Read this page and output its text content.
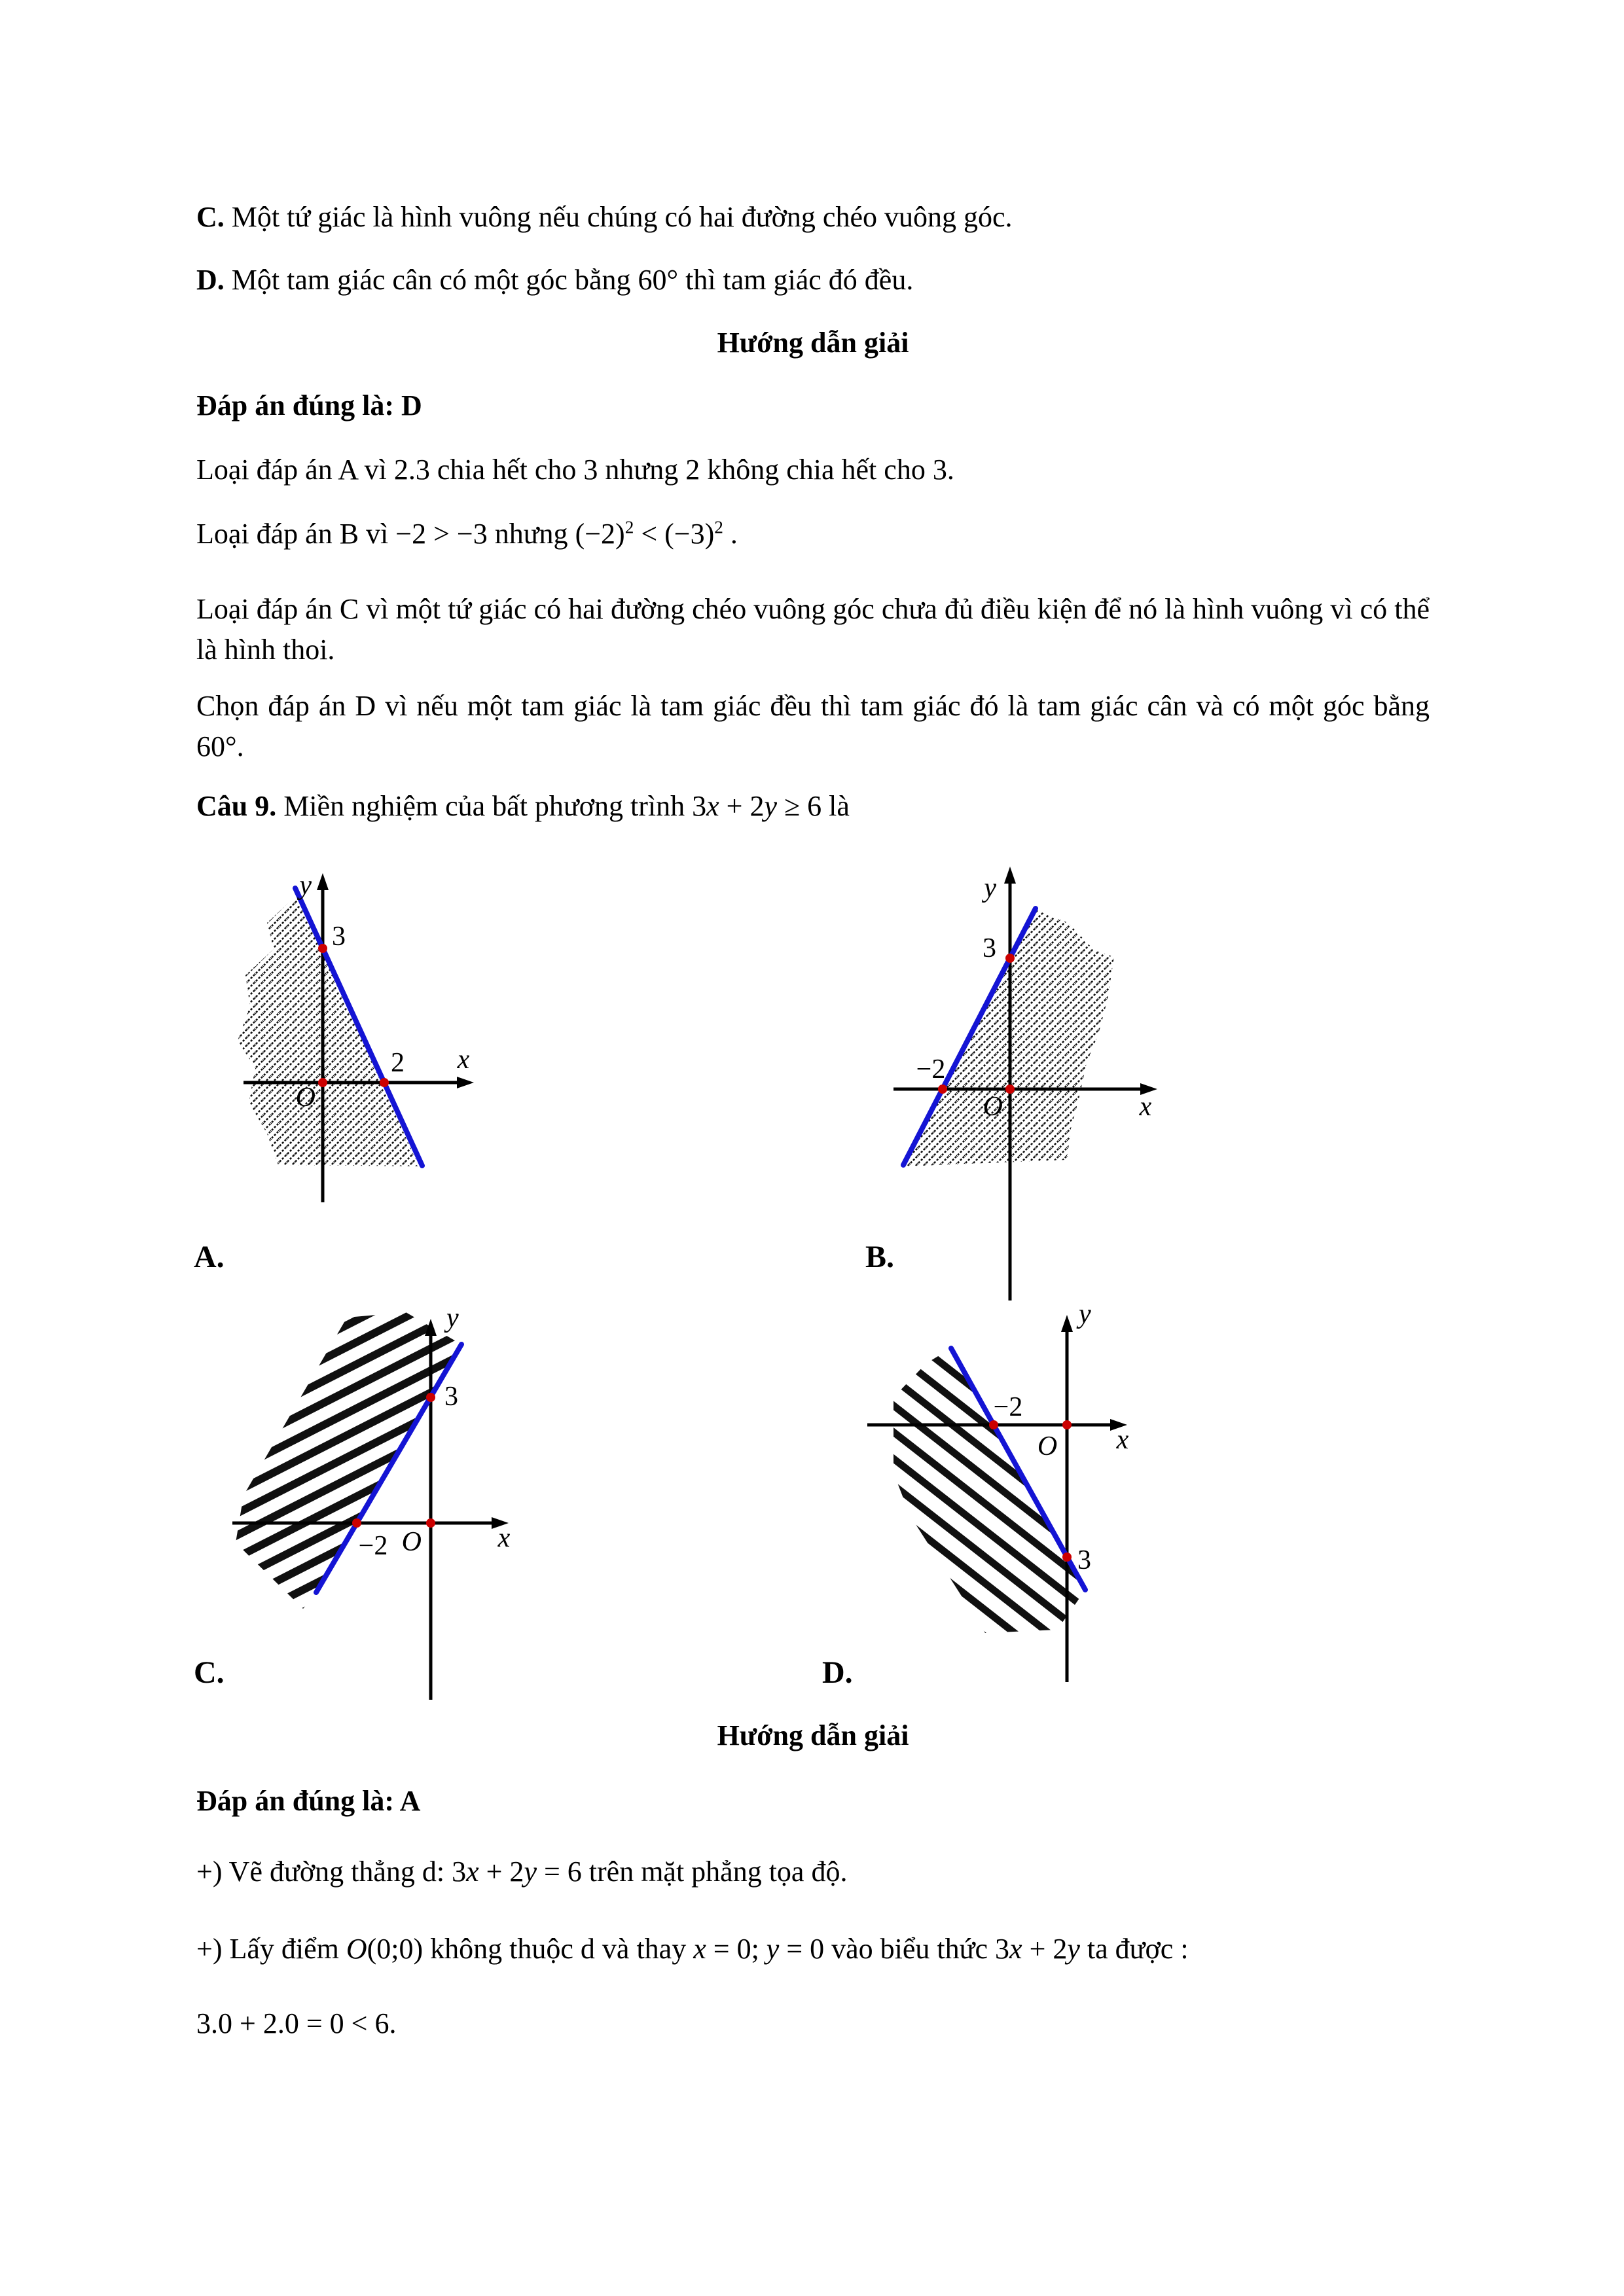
C. Một tứ giác là hình vuông nếu chúng có hai đường chéo vuông góc.
D. Một tam giác cân có một góc bằng 60° thì tam giác đó đều.
Hướng dẫn giải
Đáp án đúng là: D
Loại đáp án A vì 2.3 chia hết cho 3 nhưng 2 không chia hết cho 3.
Loại đáp án B vì −2 > −3 nhưng $(-2)^2 < (-3)^2$ .
Loại đáp án C vì một tứ giác có hai đường chéo vuông góc chưa đủ điều kiện để nó là hình vuông vì có thể là hình thoi.
Chọn đáp án D vì nếu một tam giác là tam giác đều thì tam giác đó là tam giác cân và có một góc bằng 60°.
Câu 9. Miền nghiệm của bất phương trình 3x + 2y ≥ 6 là
y
x
3
2
O
A.
y
x
3
−2
O
B.
y
x
3
−2 O
C.
y
x
−2
O
3
D.
Hướng dẫn giải
Đáp án đúng là: A
+) Vẽ đường thẳng d: 3x + 2y = 6 trên mặt phẳng tọa độ.
+) Lấy điểm O(0;0) không thuộc d và thay x = 0; y = 0 vào biểu thức 3x + 2y ta được :
3.0 + 2.0 = 0 < 6.
